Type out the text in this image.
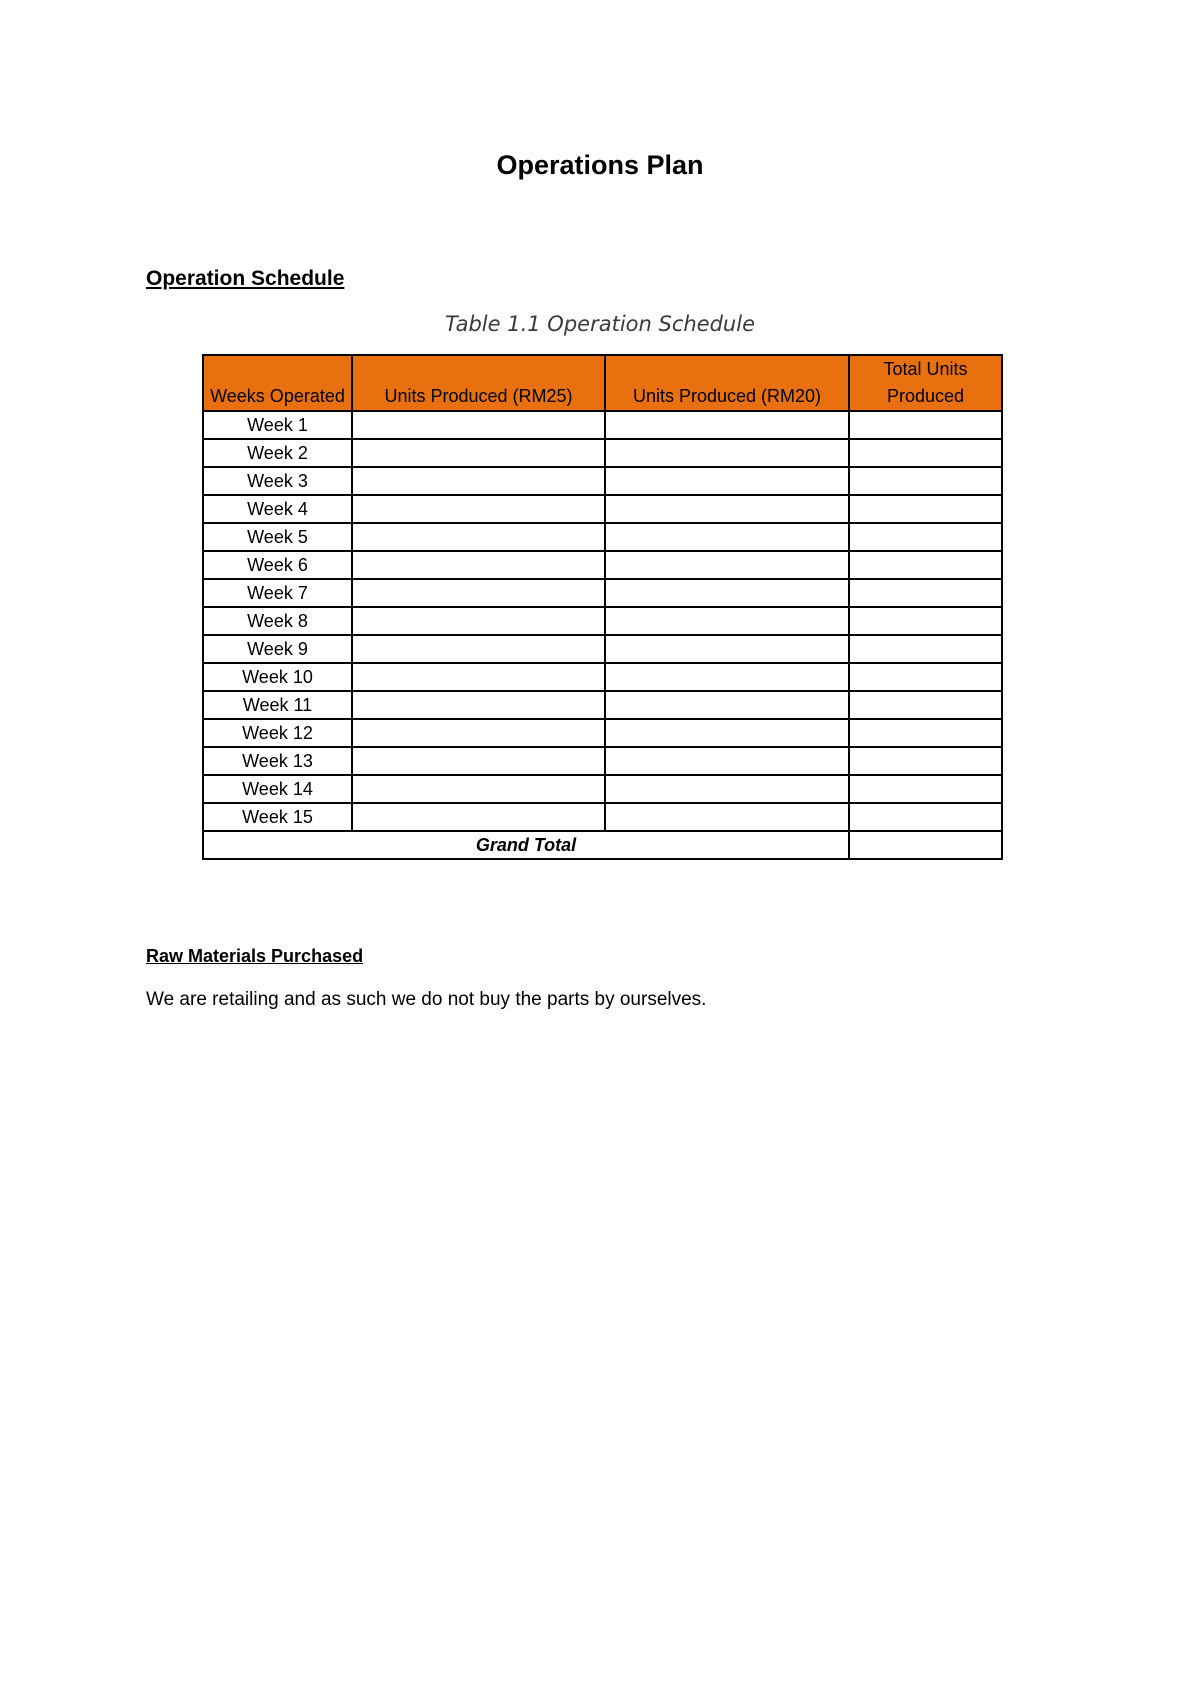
Operations Plan
Operation Schedule
Table 1.1 Operation Schedule
Weeks Operated	Units Produced (RM25)	Units Produced (RM20)	Total Units Produced
Week 1			
Week 2			
Week 3			
Week 4			
Week 5			
Week 6			
Week 7			
Week 8			
Week 9			
Week 10			
Week 11			
Week 12			
Week 13			
Week 14			
Week 15			
Grand Total			
Raw Materials Purchased
We are retailing and as such we do not buy the parts by ourselves.
